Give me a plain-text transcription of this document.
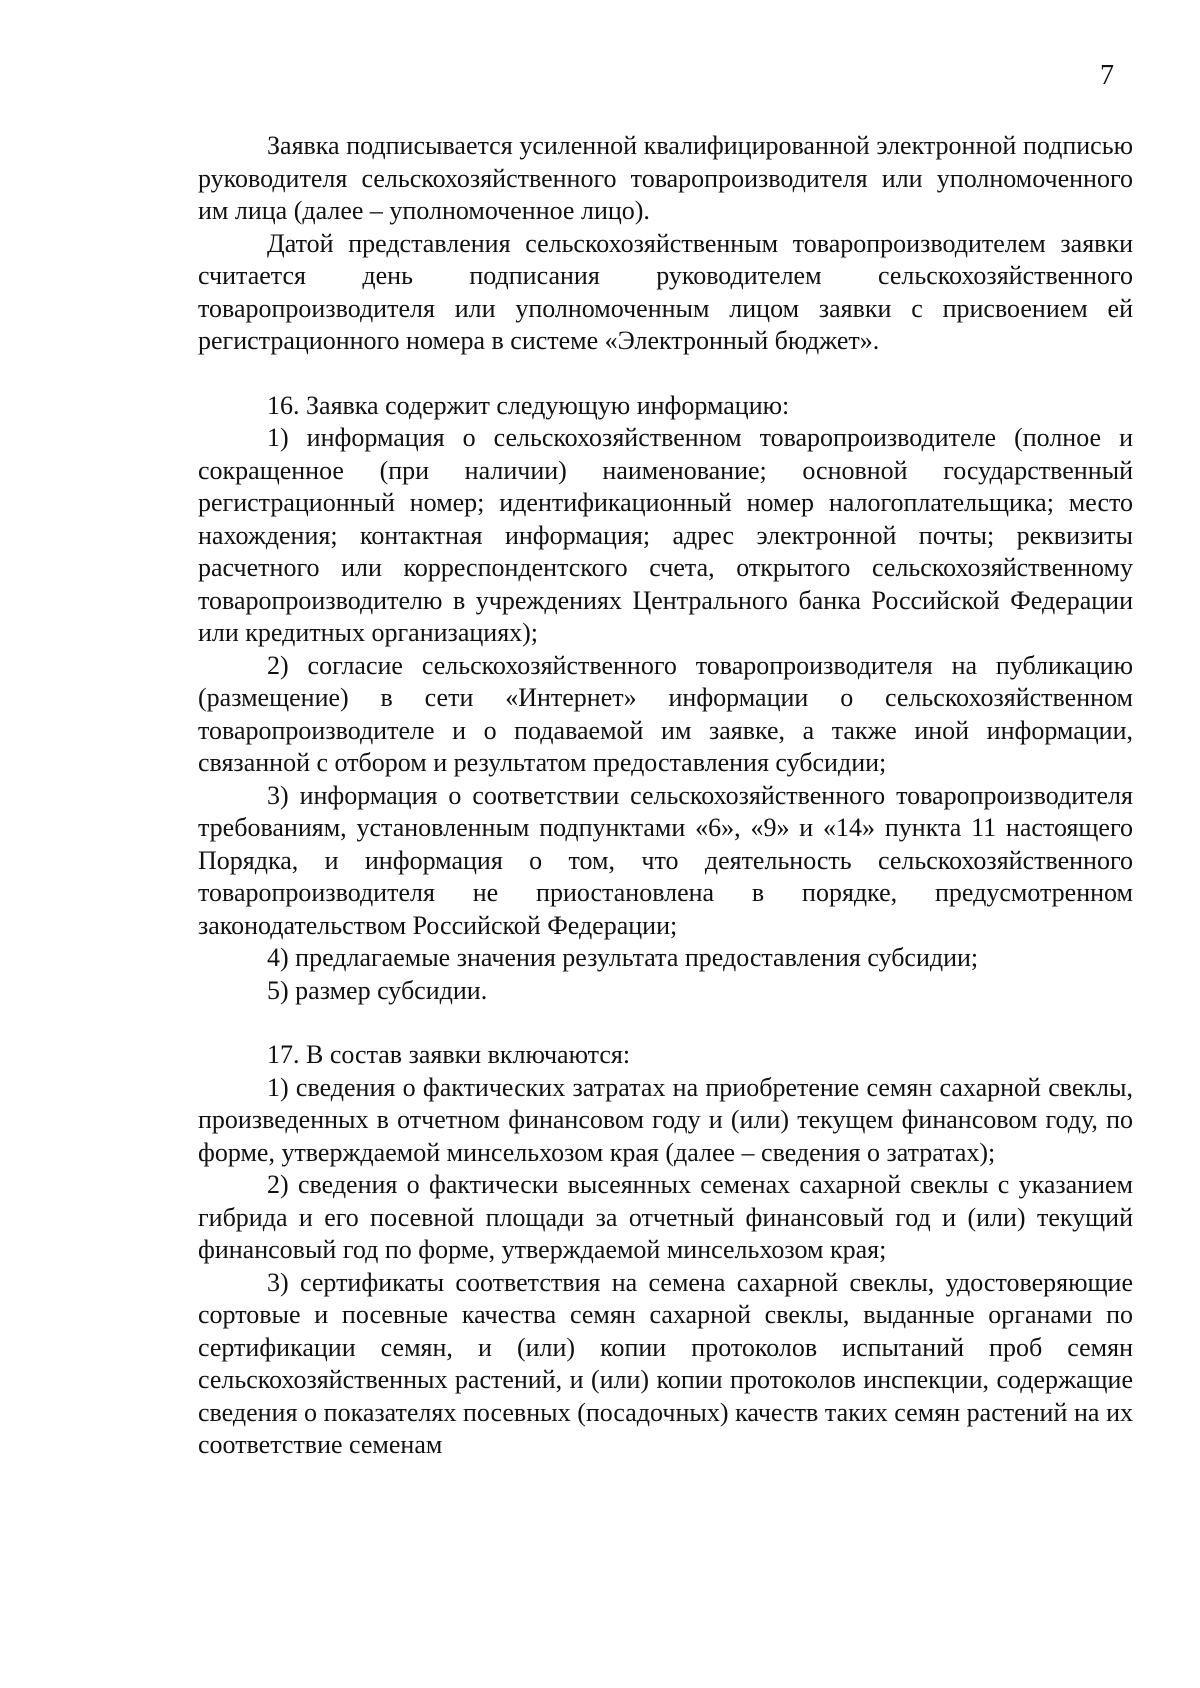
7

Заявка подписывается усиленной квалифицированной электронной подписью руководителя сельскохозяйственного товаропроизводителя или уполномоченного им лица (далее – уполномоченное лицо).

Датой представления сельскохозяйственным товаропроизводителем заявки считается день подписания руководителем сельскохозяйственного товаропроизводителя или уполномоченным лицом заявки с присвоением ей регистрационного номера в системе «Электронный бюджет».

16. Заявка содержит следующую информацию:

1) информация о сельскохозяйственном товаропроизводителе (полное и сокращенное (при наличии) наименование; основной государственный регистрационный номер; идентификационный номер налогоплательщика; место нахождения; контактная информация; адрес электронной почты; реквизиты расчетного или корреспондентского счета, открытого сельскохозяйственному товаропроизводителю в учреждениях Центрального банка Российской Федерации или кредитных организациях);

2) согласие сельскохозяйственного товаропроизводителя на публикацию (размещение) в сети «Интернет» информации о сельскохозяйственном товаропроизводителе и о подаваемой им заявке, а также иной информации, связанной с отбором и результатом предоставления субсидии;

3) информация о соответствии сельскохозяйственного товаропроизводителя требованиям, установленным подпунктами «6», «9» и «14» пункта 11 настоящего Порядка, и информация о том, что деятельность сельскохозяйственного товаропроизводителя не приостановлена в порядке, предусмотренном законодательством Российской Федерации;

4) предлагаемые значения результата предоставления субсидии;

5) размер субсидии.

17. В состав заявки включаются:

1) сведения о фактических затратах на приобретение семян сахарной свеклы, произведенных в отчетном финансовом году и (или) текущем финансовом году, по форме, утверждаемой минсельхозом края (далее – сведения о затратах);

2) сведения о фактически высеянных семенах сахарной свеклы с указанием гибрида и его посевной площади за отчетный финансовый год и (или) текущий финансовый год по форме, утверждаемой минсельхозом края;

3) сертификаты соответствия на семена сахарной свеклы, удостоверяющие сортовые и посевные качества семян сахарной свеклы, выданные органами по сертификации семян, и (или) копии протоколов испытаний проб семян сельскохозяйственных растений, и (или) копии протоколов инспекции, содержащие сведения о показателях посевных (посадочных) качеств таких семян растений на их соответствие семенам
